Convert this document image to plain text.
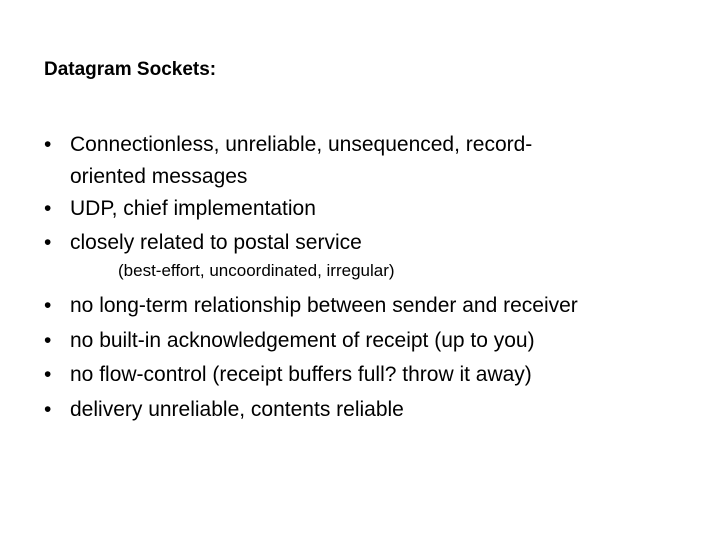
Datagram Sockets:
• Connectionless, unreliable, unsequenced, record-
oriented messages
• UDP, chief implementation
• closely related to postal service
(best-effort, uncoordinated, irregular)
• no long-term relationship between sender and receiver
• no built-in acknowledgement of receipt (up to you)
• no flow-control (receipt buffers full? throw it away)
• delivery unreliable, contents reliable
